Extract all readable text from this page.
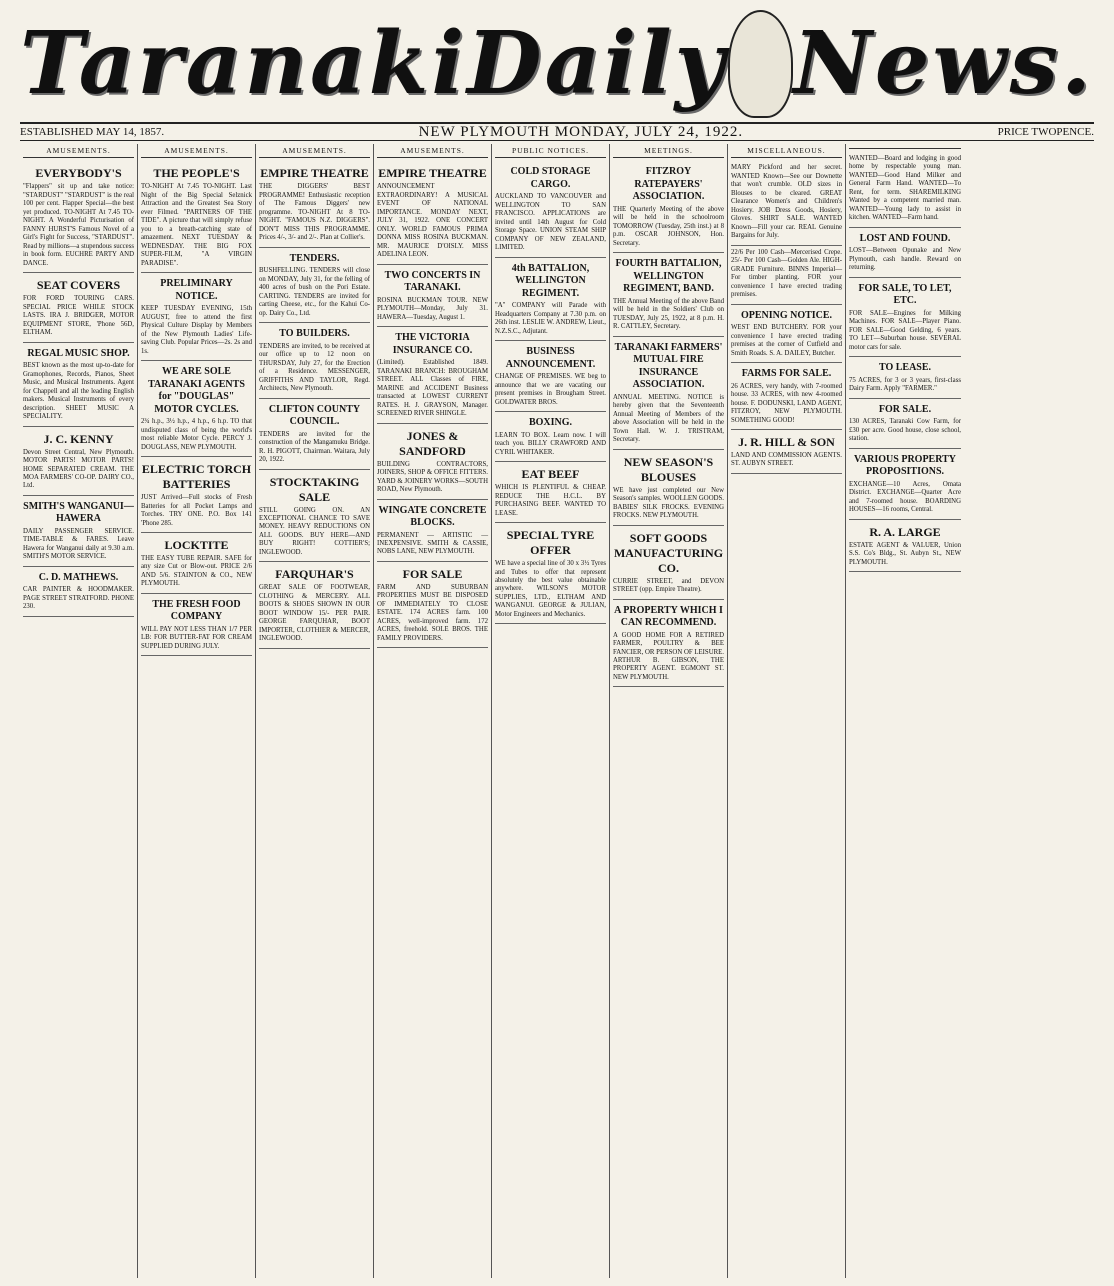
Taranaki Daily News.
ESTABLISHED MAY 14, 1857.	NEW PLYMOUTH MONDAY, JULY 24, 1922.	PRICE TWOPENCE.
AMUSEMENTS.
EVERYBODY'S
"Flappers" sit up and take notice: "STARDUST" "STARDUST" is the real 100 per cent. Flapper Special—the best yet produced. TO-NIGHT At 7.45 TO-NIGHT. A Wonderful Picturisation of FANNY HURST'S Famous Novel of a Girl's Fight for Success, "STARDUST". Read by millions—a stupendous success in book form. EUCHRE PARTY AND DANCE.
SEAT COVERS
FOR FORD TOURING CARS. SPECIAL PRICE WHILE STOCK LASTS. IRA J. BRIDGER, MOTOR EQUIPMENT STORE, 'Phone 56D, ELTHAM.
REGAL MUSIC SHOP.
BEST known as the most up-to-date for Gramophones, Records, Pianos, Sheet Music, and Musical Instruments. Agent for Chappell and all the leading English makers. Musical Instruments of every description. SHEET MUSIC A SPECIALITY.
J. C. KENNY
Devon Street Central, New Plymouth. MOTOR PARTS! MOTOR PARTS! HOME SEPARATED CREAM. THE MOA FARMERS' CO-OP. DAIRY CO., Ltd.
SMITH'S WANGANUI—HAWERA
DAILY PASSENGER SERVICE. TIME-TABLE & FARES. Leave Hawera for Wanganui daily at 9.30 a.m. SMITH'S MOTOR SERVICE.
C. D. MATHEWS.
CAR PAINTER & HOODMAKER. PAGE STREET STRATFORD. PHONE 230.
AMUSEMENTS.
THE PEOPLE'S
TO-NIGHT At 7.45 TO-NIGHT. Last Night of the Big Special Selznick Attraction and the Greatest Sea Story ever Filmed. "PARTNERS OF THE TIDE". A picture that will simply refuse you to a breath-catching state of amazement. NEXT TUESDAY & WEDNESDAY. THE BIG FOX SUPER-FILM, "A VIRGIN PARADISE".
PRELIMINARY NOTICE.
KEEP TUESDAY EVENING, 15th AUGUST, free to attend the first Physical Culture Display by Members of the New Plymouth Ladies' Life-saving Club. Popular Prices—2s. 2s and 1s.
WE ARE SOLE TARANAKI AGENTS for "DOUGLAS" MOTOR CYCLES.
2¾ h.p., 3½ h.p., 4 h.p., 6 h.p. TO that undisputed class of being the world's most reliable Motor Cycle. PERCY J. DOUGLASS, NEW PLYMOUTH.
ELECTRIC TORCH BATTERIES
JUST Arrived—Full stocks of Fresh Batteries for all Pocket Lamps and Torches. TRY ONE. P.O. Box 141 'Phone 285.
LOCKTITE
THE EASY TUBE REPAIR. SAFE for any size Cut or Blow-out. PRICE 2/6 AND 5/6. STAINTON & CO., NEW PLYMOUTH.
THE FRESH FOOD COMPANY
WILL PAY NOT LESS THAN 1/7 PER LB: FOR BUTTER-FAT FOR CREAM SUPPLIED DURING JULY.
AMUSEMENTS.
EMPIRE THEATRE
THE DIGGERS' BEST PROGRAMME! Enthusiastic reception of The Famous Diggers' new programme. TO-NIGHT At 8 TO-NIGHT. "FAMOUS N.Z. DIGGERS". DON'T MISS THIS PROGRAMME. Prices 4/-, 3/- and 2/-. Plan at Collier's.
TENDERS.
BUSHFELLING. TENDERS will close on MONDAY, July 31, for the felling of 400 acres of bush on the Pori Estate. CARTING. TENDERS are invited for carting Cheese, etc., for the Kahui Co-op. Dairy Co., Ltd.
TO BUILDERS.
TENDERS are invited, to be received at our office up to 12 noon on THURSDAY, July 27, for the Erection of a Residence. MESSENGER, GRIFFITHS AND TAYLOR, Regd. Architects, New Plymouth.
CLIFTON COUNTY COUNCIL.
TENDERS are invited for the construction of the Mangamuku Bridge. R. H. PIGOTT, Chairman. Waitara, July 20, 1922.
STOCKTAKING SALE
STILL GOING ON. AN EXCEPTIONAL CHANCE TO SAVE MONEY. HEAVY REDUCTIONS ON ALL GOODS. BUY HERE—AND BUY RIGHT! COTTIER'S; INGLEWOOD.
FARQUHAR'S
GREAT SALE OF FOOTWEAR, CLOTHING & MERCERY. ALL BOOTS & SHOES SHOWN IN OUR BOOT WINDOW 15/- PER PAIR. GEORGE FARQUHAR, BOOT IMPORTER, CLOTHIER & MERCER, INGLEWOOD.
AMUSEMENTS.
EMPIRE THEATRE
ANNOUNCEMENT EXTRAORDINARY! A MUSICAL EVENT OF NATIONAL IMPORTANCE. MONDAY NEXT, JULY 31, 1922. ONE CONCERT ONLY. WORLD FAMOUS PRIMA DONNA MISS ROSINA BUCKMAN. MR. MAURICE D'OISLY. MISS ADELINA LEON.
TWO CONCERTS IN TARANAKI.
ROSINA BUCKMAN TOUR. NEW PLYMOUTH—Monday, July 31. HAWERA—Tuesday, August 1.
THE VICTORIA INSURANCE CO.
(Limited). Established 1849. TARANAKI BRANCH: BROUGHAM STREET. ALL Classes of FIRE, MARINE and ACCIDENT Business transacted at LOWEST CURRENT RATES. H. J. GRAYSON, Manager. SCREENED RIVER SHINGLE.
JONES & SANDFORD
BUILDING CONTRACTORS, JOINERS, SHOP & OFFICE FITTERS. YARD & JOINERY WORKS—SOUTH ROAD, New Plymouth.
WINGATE CONCRETE BLOCKS.
PERMANENT — ARTISTIC — INEXPENSIVE. SMITH & CASSIE, NOBS LANE, NEW PLYMOUTH.
FOR SALE
FARM AND SUBURBAN PROPERTIES MUST BE DISPOSED OF IMMEDIATELY TO CLOSE ESTATE. 174 ACRES farm. 100 ACRES, well-improved farm. 172 ACRES, freehold. SOLE BROS. THE FAMILY PROVIDERS.
PUBLIC NOTICES.
COLD STORAGE CARGO.
AUCKLAND TO VANCOUVER and WELLINGTON TO SAN FRANCISCO. APPLICATIONS are invited until 14th August for Cold Storage Space. UNION STEAM SHIP COMPANY OF NEW ZEALAND, LIMITED.
4th BATTALION, WELLINGTON REGIMENT.
"A" COMPANY will Parade with Headquarters Company at 7.30 p.m. on 26th inst. LESLIE W. ANDREW, Lieut., N.Z.S.C., Adjutant.
BUSINESS ANNOUNCEMENT.
CHANGE OF PREMISES. WE beg to announce that we are vacating our present premises in Brougham Street. GOLDWATER BROS.
BOXING.
LEARN TO BOX. Learn now. I will teach you. BILLY CRAWFORD AND CYRIL WHITAKER.
EAT BEEF
WHICH IS PLENTIFUL & CHEAP. REDUCE THE H.C.L. BY PURCHASING BEEF. WANTED TO LEASE.
SPECIAL TYRE OFFER
WE have a special line of 30 x 3½ Tyres and Tubes to offer that represent absolutely the best value obtainable anywhere. WILSON'S MOTOR SUPPLIES, LTD., ELTHAM AND WANGANUI. GEORGE & JULIAN, Motor Engineers and Mechanics.
MEETINGS.
FITZROY RATEPAYERS' ASSOCIATION.
THE Quarterly Meeting of the above will be held in the schoolroom TOMORROW (Tuesday, 25th inst.) at 8 p.m. OSCAR JOHNSON, Hon. Secretary.
FOURTH BATTALION, WELLINGTON REGIMENT, BAND.
THE Annual Meeting of the above Band will be held in the Soldiers' Club on TUESDAY, July 25, 1922, at 8 p.m. H. R. CATTLEY, Secretary.
TARANAKI FARMERS' MUTUAL FIRE INSURANCE ASSOCIATION.
ANNUAL MEETING. NOTICE is hereby given that the Seventeenth Annual Meeting of Members of the above Association will be held in the Town Hall. W. J. TRISTRAM, Secretary.
NEW SEASON'S BLOUSES
WE have just completed our New Season's samples. WOOLLEN GOODS. BABIES' SILK FROCKS. EVENING FROCKS. NEW PLYMOUTH.
SOFT GOODS MANUFACTURING CO.
CURRIE STREET, and DEVON STREET (opp. Empire Theatre).
A PROPERTY WHICH I CAN RECOMMEND.
A GOOD HOME FOR A RETIRED FARMER, POULTRY & BEE FANCIER, OR PERSON OF LEISURE. ARTHUR B. GIBSON, THE PROPERTY AGENT. EGMONT ST. NEW PLYMOUTH.
MISCELLANEOUS.
MARY Pickford and her secret. WANTED Known—See our Downette that won't crumble. OLD sizes in Blouses to be cleared. GREAT Clearance Women's and Children's Hosiery. JOB Dress Goods, Hosiery, Gloves. SHIRT SALE. WANTED Known—Fill your car. REAL Genuine Bargains for July.
22/6 Per 100 Cash—Mercerised Crepe. 25/- Per 100 Cash—Golden Ale. HIGH-GRADE Furniture. BINNS Imperial—For timber planting. FOR your convenience I have erected trading premises.
OPENING NOTICE.
WEST END BUTCHERY. FOR your convenience I have erected trading premises at the corner of Cutfield and Smith Roads. S. A. DAILEY, Butcher.
FARMS FOR SALE.
26 ACRES, very handy, with 7-roomed house. 33 ACRES, with new 4-roomed house. F. DODUNSKI, LAND AGENT, FITZROY, NEW PLYMOUTH. SOMETHING GOOD!
J. R. HILL & SON
LAND AND COMMISSION AGENTS. ST. AUBYN STREET.
WANTED—Board and lodging in good home by respectable young man. WANTED—Good Hand Milker and General Farm Hand. WANTED—To Rent, for term. SHAREMILKING Wanted by a competent married man. WANTED—Young lady to assist in kitchen. WANTED—Farm hand.
LOST AND FOUND.
LOST—Between Opunake and New Plymouth, cash handle. Reward on returning.
FOR SALE, TO LET, ETC.
FOR SALE—Engines for Milking Machines. FOR SALE—Player Piano. FOR SALE—Good Gelding, 6 years. TO LET—Suburban house. SEVERAL motor cars for sale.
TO LEASE.
75 ACRES, for 3 or 3 years, first-class Dairy Farm. Apply "FARMER."
FOR SALE.
130 ACRES, Taranaki Cow Farm, for £30 per acre. Good house, close school, station.
VARIOUS PROPERTY PROPOSITIONS.
EXCHANGE—10 Acres, Omata District. EXCHANGE—Quarter Acre and 7-roomed house. BOARDING HOUSES—16 rooms, Central.
R. A. LARGE
ESTATE AGENT & VALUER, Union S.S. Co's Bldg., St. Aubyn St., NEW PLYMOUTH.
